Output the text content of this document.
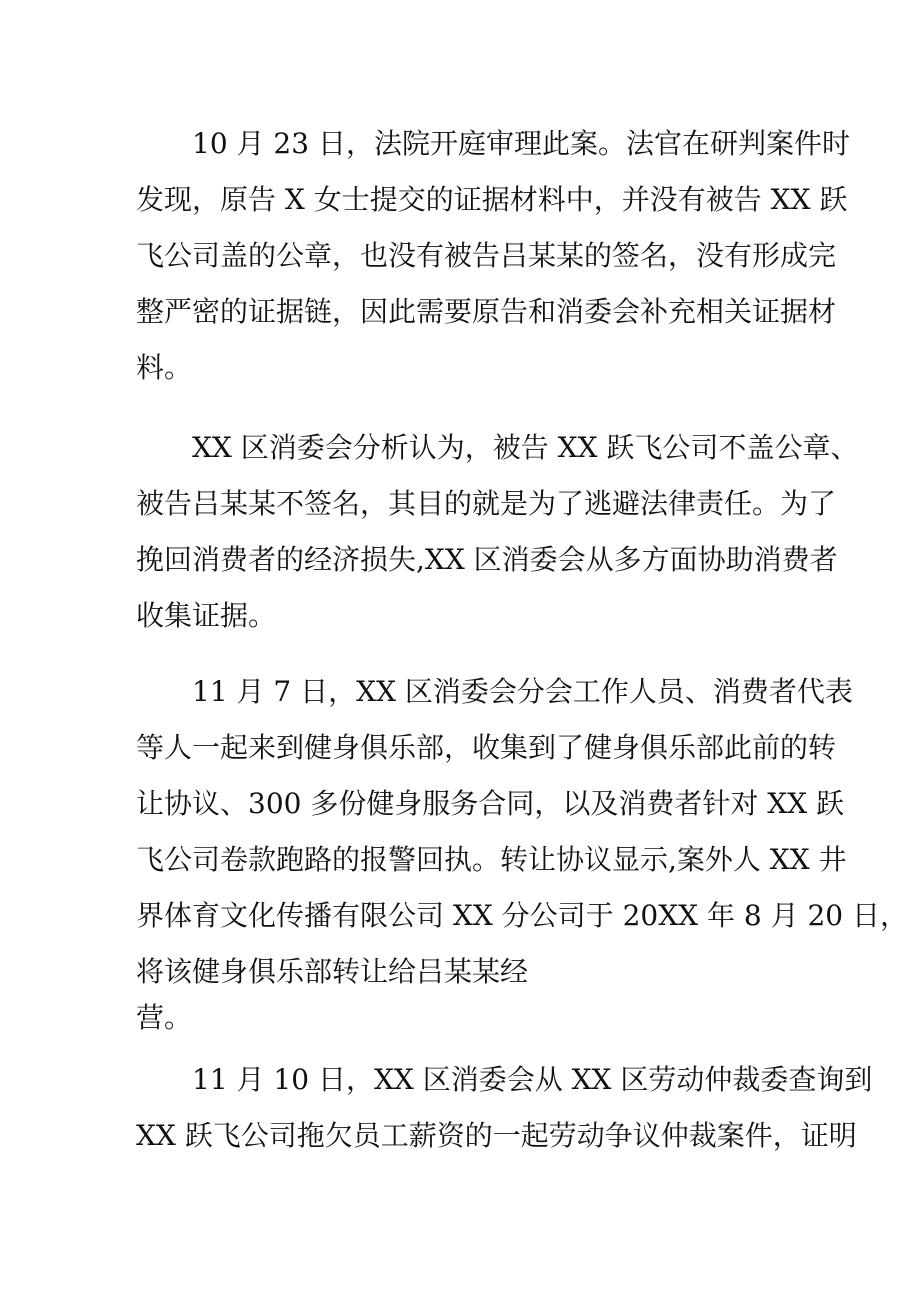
10 月 23 日，法院开庭审理此案。法官在研判案件时
发现，原告 X 女士提交的证据材料中，并没有被告 XX 跃
飞公司盖的公章，也没有被告吕某某的签名，没有形成完
整严密的证据链，因此需要原告和消委会补充相关证据材
料。
XX 区消委会分析认为，被告 XX 跃飞公司不盖公章、
被告吕某某不签名，其目的就是为了逃避法律责任。为了
挽回消费者的经济损失,XX 区消委会从多方面协助消费者
收集证据。
11 月 7 日，XX 区消委会分会工作人员、消费者代表
等人一起来到健身俱乐部，收集到了健身俱乐部此前的转
让协议、300 多份健身服务合同，以及消费者针对 XX 跃
飞公司卷款跑路的报警回执。转让协议显示,案外人 XX 井
界体育文化传播有限公司 XX 分公司于 20XX 年 8 月 20 日，
将该健身俱乐部转让给吕某某经
营。
11 月 10 日，XX 区消委会从 XX 区劳动仲裁委查询到
XX 跃飞公司拖欠员工薪资的一起劳动争议仲裁案件，证明
